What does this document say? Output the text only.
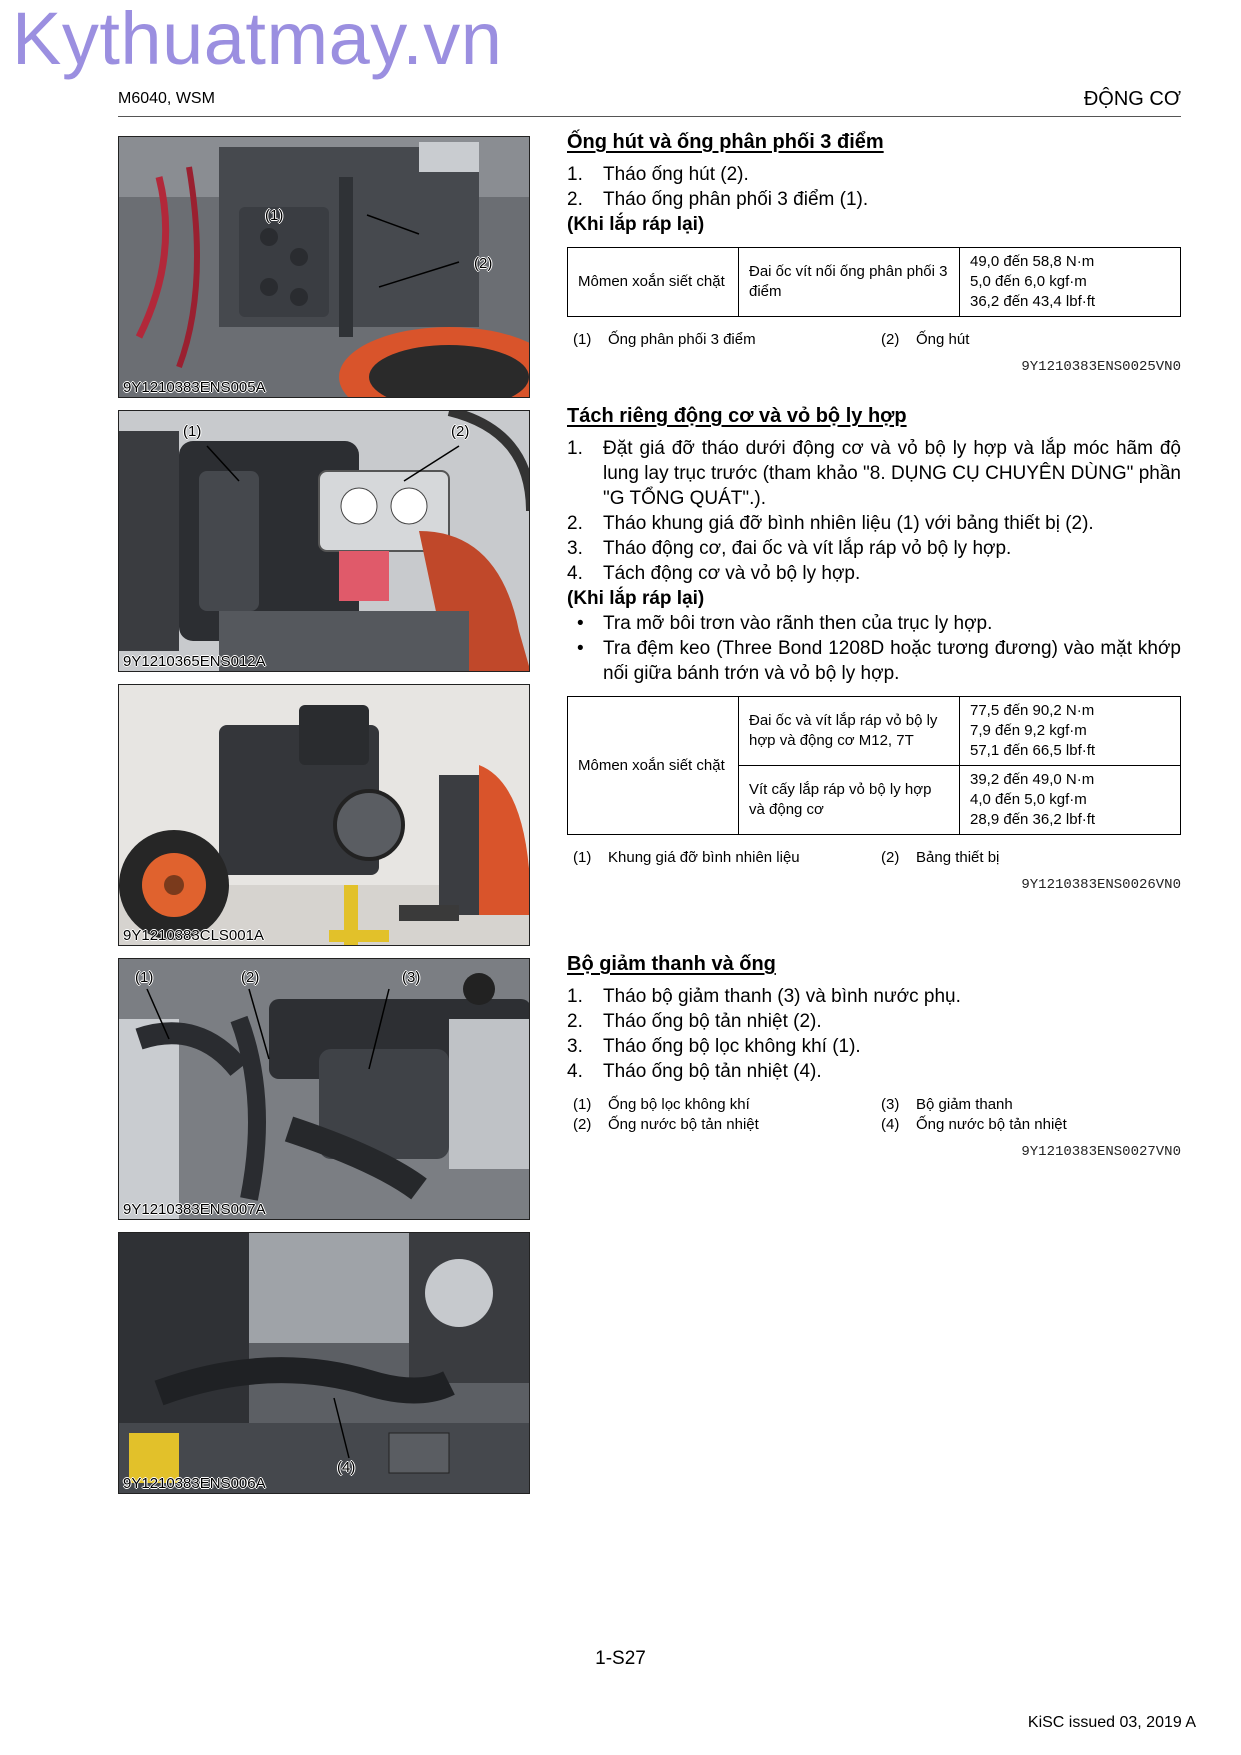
Kythuatmay.vn
M6040, WSM	ĐỘNG CƠ
(1)
(2)
9Y1210383ENS005A
(1)	(2)
9Y1210365ENS012A
9Y1210383CLS001A
(1)	(2)	(3)
9Y1210383ENS007A
(4)
9Y1210383ENS006A
Ống hút và ống phân phối 3 điểm
1. Tháo ống hút (2).
2. Tháo ống phân phối 3 điểm (1).
(Khi lắp ráp lại)
Mômen xoắn siết chặt	Đai ốc vít nối ống phân phối 3 điểm	
49,0 đến 58,8 N·m
5,0 đến 6,0 kgf·m
36,2 đến 43,4 lbf·ft
(1) Ống phân phối 3 điểm	(2) Ống hút
9Y1210383ENS0025VN0
Tách riêng động cơ và vỏ bộ ly hợp
1. Đặt giá đỡ tháo dưới động cơ và vỏ bộ ly hợp và lắp móc hãm độ lung lay trục trước (tham khảo "8. DỤNG CỤ CHUYÊN DÙNG" phần "G TỔNG QUÁT".).
2. Tháo khung giá đỡ bình nhiên liệu (1) với bảng thiết bị (2).
3. Tháo động cơ, đai ốc và vít lắp ráp vỏ bộ ly hợp.
4. Tách động cơ và vỏ bộ ly hợp.
(Khi lắp ráp lại)
• Tra mỡ bôi trơn vào rãnh then của trục ly hợp.
• Tra đệm keo (Three Bond 1208D hoặc tương đương) vào mặt khớp nối giữa bánh trớn và vỏ bộ ly hợp.
Mômen xoắn siết chặt	Đai ốc và vít lắp ráp vỏ bộ ly hợp và động cơ M12, 7T	77,5 đến 90,2 N·m
7,9 đến 9,2 kgf·m
57,1 đến 66,5 lbf·ft

	Vít cấy lắp ráp vỏ bộ ly hợp và động cơ	39,2 đến 49,0 N·m
4,0 đến 5,0 kgf·m
28,9 đến 36,2 lbf·ft
(1) Khung giá đỡ bình nhiên liệu	(2) Bảng thiết bị
9Y1210383ENS0026VN0
Bộ giảm thanh và ống
1. Tháo bộ giảm thanh (3) và bình nước phụ.
2. Tháo ống bộ tản nhiệt (2).
3. Tháo ống bộ lọc không khí (1).
4. Tháo ống bộ tản nhiệt (4).
(1) Ống bộ lọc không khí
(2) Ống nước bộ tản nhiệt
(3) Bộ giảm thanh
(4) Ống nước bộ tản nhiệt
9Y1210383ENS0027VN0
1-S27
KiSC issued 03, 2019 A
